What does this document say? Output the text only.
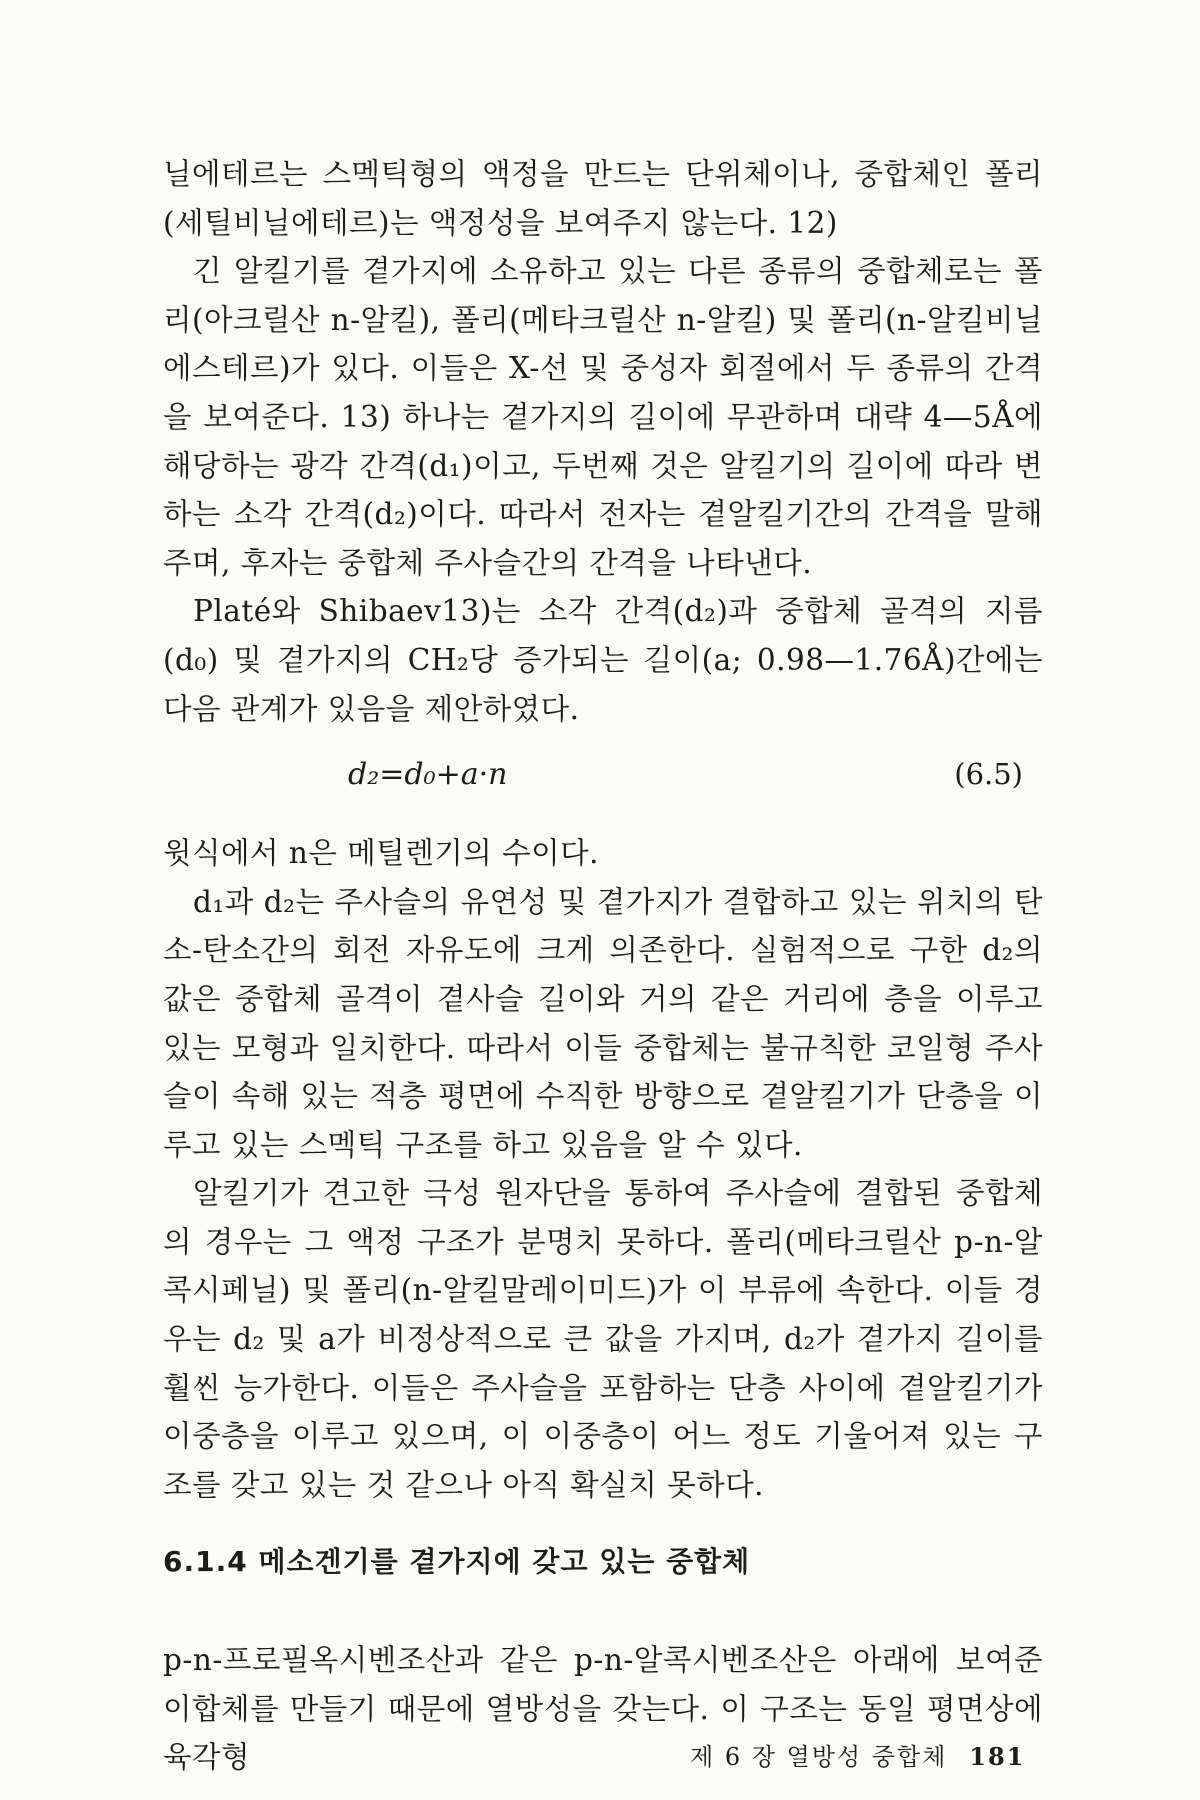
닐에테르는 스멕틱형의 액정을 만드는 단위체이나, 중합체인 폴리(세틸비닐에테르)는 액정성을 보여주지 않는다. 12)

긴 알킬기를 곁가지에 소유하고 있는 다른 종류의 중합체로는 폴리(아크릴산 n-알킬), 폴리(메타크릴산 n-알킬) 및 폴리(n-알킬비닐에스테르)가 있다. 이들은 X-선 및 중성자 회절에서 두 종류의 간격을 보여준다. 13) 하나는 곁가지의 길이에 무관하며 대략 4—5Å에 해당하는 광각 간격(d₁)이고, 두번째 것은 알킬기의 길이에 따라 변하는 소각 간격(d₂)이다. 따라서 전자는 곁알킬기간의 간격을 말해 주며, 후자는 중합체 주사슬간의 간격을 나타낸다.

Platé와 Shibaev13)는 소각 간격(d₂)과 중합체 골격의 지름(d₀) 및 곁가지의 CH₂당 증가되는 길이(a; 0.98—1.76Å)간에는 다음 관계가 있음을 제안하였다.

d₂=d₀+a·n	(6.5)

윗식에서 n은 메틸렌기의 수이다.

d₁과 d₂는 주사슬의 유연성 및 곁가지가 결합하고 있는 위치의 탄소-탄소간의 회전 자유도에 크게 의존한다. 실험적으로 구한 d₂의 값은 중합체 골격이 곁사슬 길이와 거의 같은 거리에 층을 이루고 있는 모형과 일치한다. 따라서 이들 중합체는 불규칙한 코일형 주사슬이 속해 있는 적층 평면에 수직한 방향으로 곁알킬기가 단층을 이루고 있는 스멕틱 구조를 하고 있음을 알 수 있다.

알킬기가 견고한 극성 원자단을 통하여 주사슬에 결합된 중합체의 경우는 그 액정 구조가 분명치 못하다. 폴리(메타크릴산 p-n-알콕시페닐) 및 폴리(n-알킬말레이미드)가 이 부류에 속한다. 이들 경우는 d₂ 및 a가 비정상적으로 큰 값을 가지며, d₂가 곁가지 길이를 훨씬 능가한다. 이들은 주사슬을 포함하는 단층 사이에 곁알킬기가 이중층을 이루고 있으며, 이 이중층이 어느 정도 기울어져 있는 구조를 갖고 있는 것 같으나 아직 확실치 못하다.

6.1.4 메소겐기를 곁가지에 갖고 있는 중합체

p-n-프로필옥시벤조산과 같은 p-n-알콕시벤조산은 아래에 보여준 이합체를 만들기 때문에 열방성을 갖는다. 이 구조는 동일 평면상에 육각형	제 6 장 열방성 중합체 181
